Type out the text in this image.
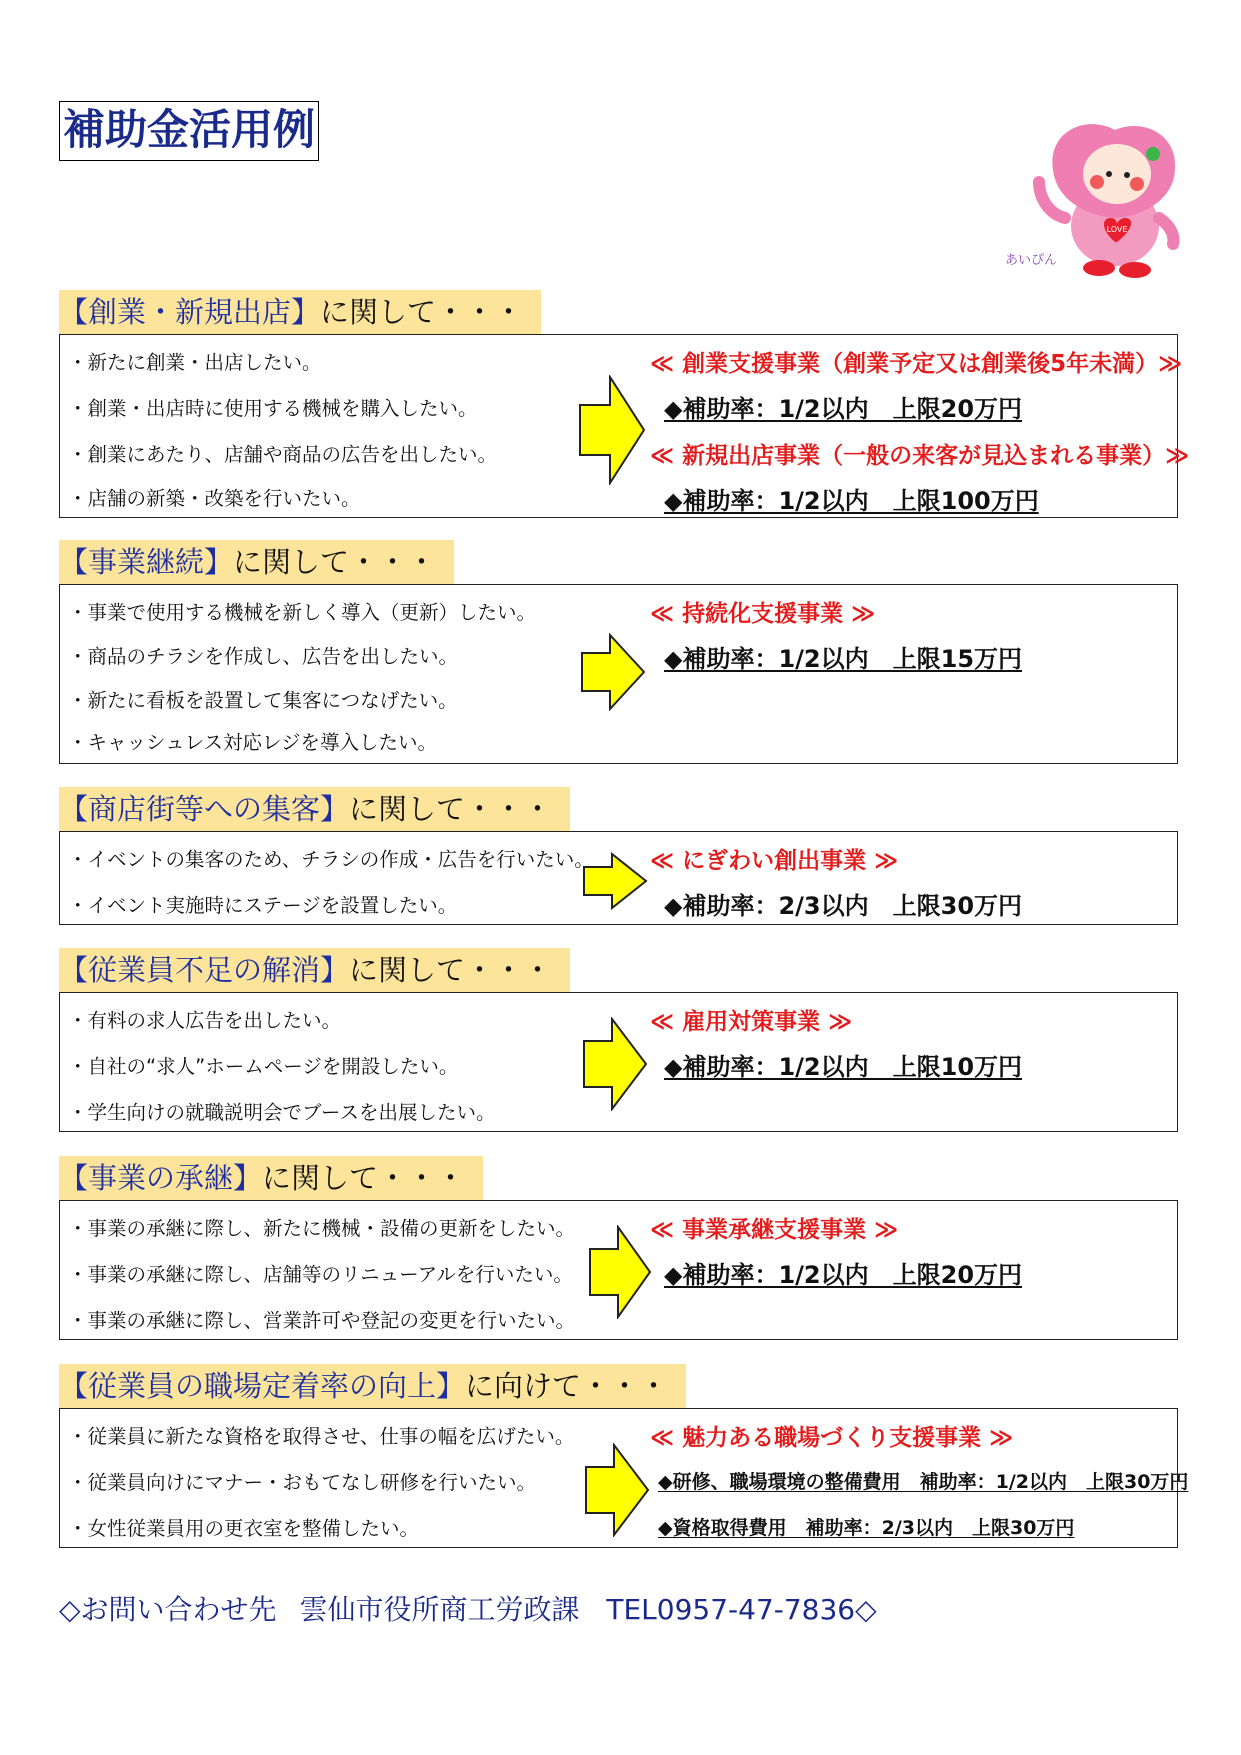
補助金活用例
LOVE
あいぴん
【創業・新規出店】に関して・・・
・新たに創業・出店したい。
・創業・出店時に使用する機械を購入したい。
・創業にあたり、店舗や商品の広告を出したい。
・店舗の新築・改築を行いたい。
≪ 創業支援事業（創業予定又は創業後5年未満）≫
◆補助率：1/2以内　上限20万円
≪ 新規出店事業（一般の来客が見込まれる事業）≫
◆補助率：1/2以内　上限100万円
【事業継続】に関して・・・
・事業で使用する機械を新しく導入（更新）したい。
・商品のチラシを作成し、広告を出したい。
・新たに看板を設置して集客につなげたい。
・キャッシュレス対応レジを導入したい。
≪ 持続化支援事業 ≫
◆補助率：1/2以内　上限15万円
【商店街等への集客】に関して・・・
・イベントの集客のため、チラシの作成・広告を行いたい。
・イベント実施時にステージを設置したい。
≪ にぎわい創出事業 ≫
◆補助率：2/3以内　上限30万円
【従業員不足の解消】に関して・・・
・有料の求人広告を出したい。
・自社の“求人”ホームページを開設したい。
・学生向けの就職説明会でブースを出展したい。
≪ 雇用対策事業 ≫
◆補助率：1/2以内　上限10万円
【事業の承継】に関して・・・
・事業の承継に際し、新たに機械・設備の更新をしたい。
・事業の承継に際し、店舗等のリニューアルを行いたい。
・事業の承継に際し、営業許可や登記の変更を行いたい。
≪ 事業承継支援事業 ≫
◆補助率：1/2以内　上限20万円
【従業員の職場定着率の向上】に向けて・・・
・従業員に新たな資格を取得させ、仕事の幅を広げたい。
・従業員向けにマナー・おもてなし研修を行いたい。
・女性従業員用の更衣室を整備したい。
≪ 魅力ある職場づくり支援事業 ≫
◆研修、職場環境の整備費用　補助率：1/2以内　上限30万円
◆資格取得費用　補助率：2/3以内　上限30万円
◇お問い合わせ先 雲仙市役所商工労政課 TEL0957-47-7836◇
